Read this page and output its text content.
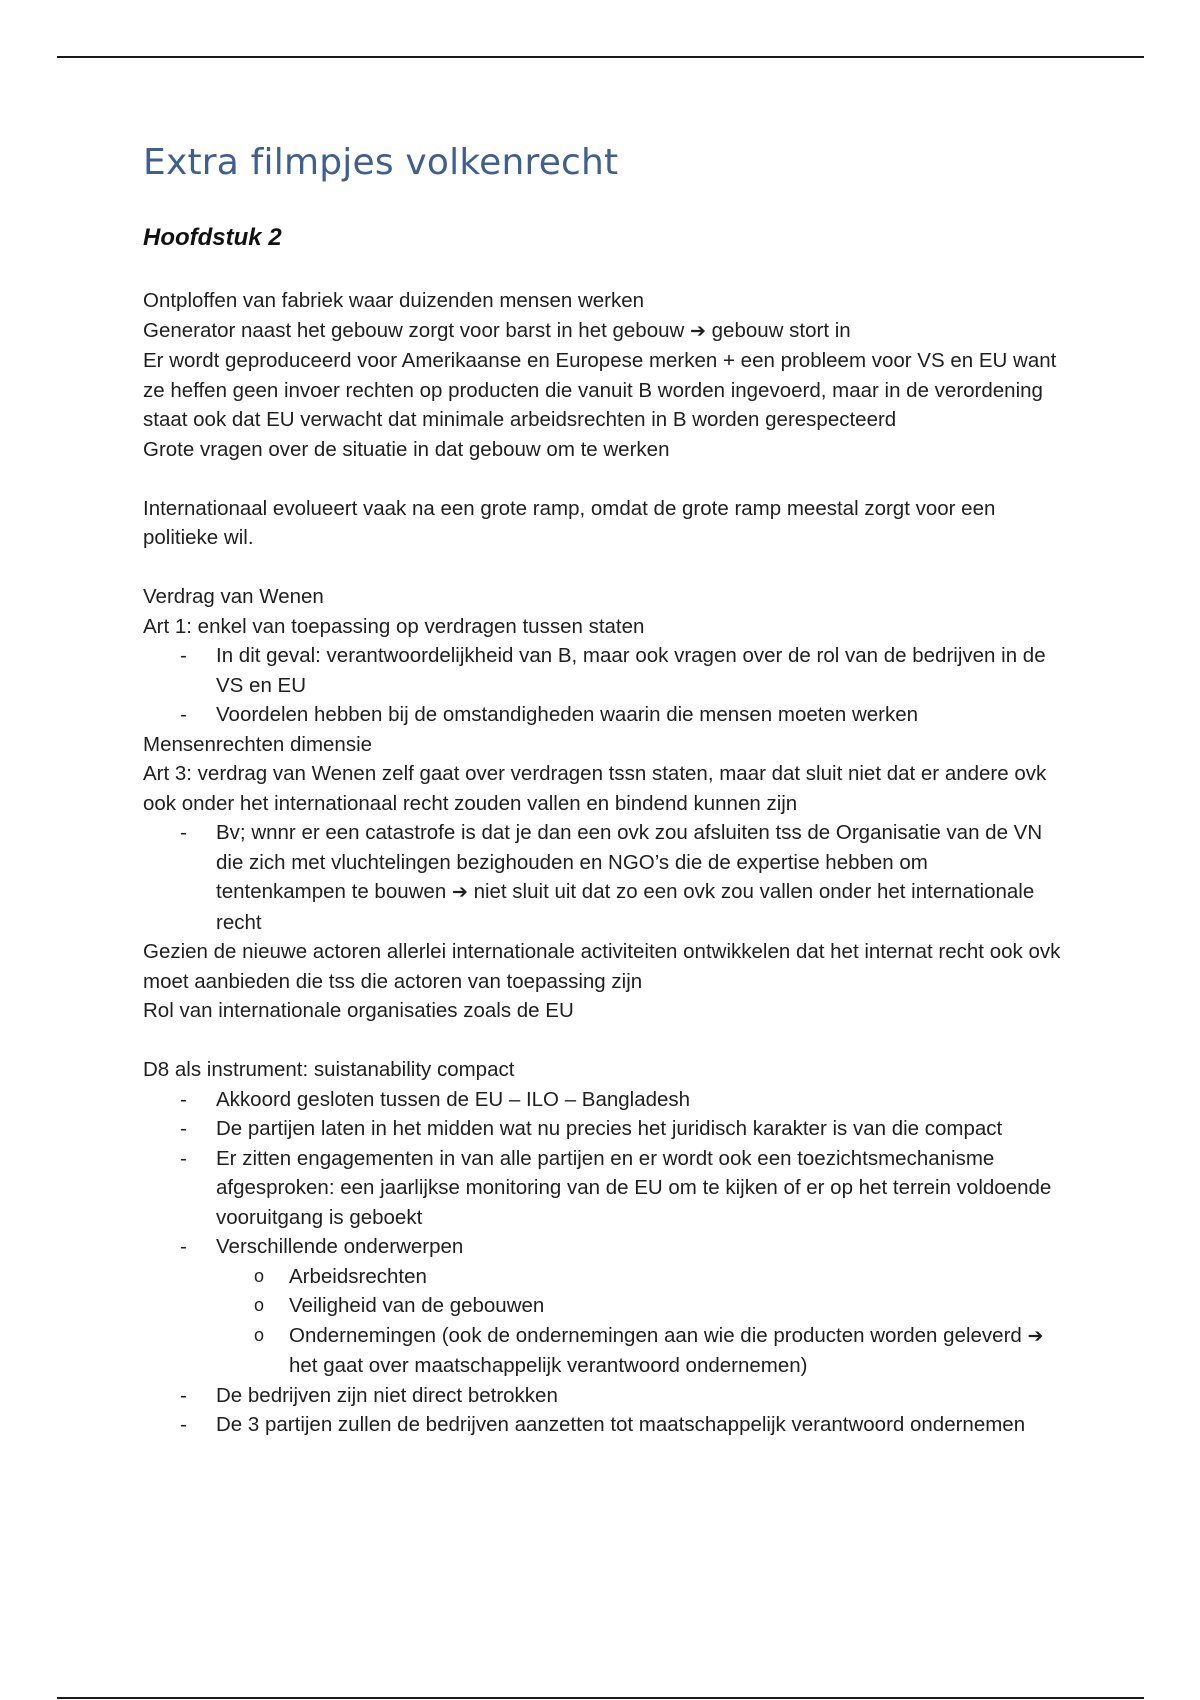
Extra filmpjes volkenrecht
Hoofdstuk 2

Ontploffen van fabriek waar duizenden mensen werken

Generator naast het gebouw zorgt voor barst in het gebouw ➔ gebouw stort in

Er wordt geproduceerd voor Amerikaanse en Europese merken + een probleem voor VS en EU want ze heffen geen invoer rechten op producten die vanuit B worden ingevoerd, maar in de verordening staat ook dat EU verwacht dat minimale arbeidsrechten in B worden gerespecteerd

Grote vragen over de situatie in dat gebouw om te werken

Internationaal evolueert vaak na een grote ramp, omdat de grote ramp meestal zorgt voor een politieke wil.

Verdrag van Wenen

Art 1: enkel van toepassing op verdragen tussen staten

- In dit geval: verantwoordelijkheid van B, maar ook vragen over de rol van de bedrijven in de VS en EU
- Voordelen hebben bij de omstandigheden waarin die mensen moeten werken

Mensenrechten dimensie

Art 3: verdrag van Wenen zelf gaat over verdragen tssn staten, maar dat sluit niet dat er andere ovk ook onder het internationaal recht zouden vallen en bindend kunnen zijn

- Bv; wnnr er een catastrofe is dat je dan een ovk zou afsluiten tss de Organisatie van de VN die zich met vluchtelingen bezighouden en NGO’s die de expertise hebben om tentenkampen te bouwen ➔ niet sluit uit dat zo een ovk zou vallen onder het internationale recht

Gezien de nieuwe actoren allerlei internationale activiteiten ontwikkelen dat het internat recht ook ovk moet aanbieden die tss die actoren van toepassing zijn

Rol van internationale organisaties zoals de EU

D8 als instrument: suistanability compact

- Akkoord gesloten tussen de EU – ILO – Bangladesh
- De partijen laten in het midden wat nu precies het juridisch karakter is van die compact
- Er zitten engagementen in van alle partijen en er wordt ook een toezichtsmechanisme afgesproken: een jaarlijkse monitoring van de EU om te kijken of er op het terrein voldoende vooruitgang is geboekt
- Verschillende onderwerpen
o Arbeidsrechten
o Veiligheid van de gebouwen
o Ondernemingen (ook de ondernemingen aan wie die producten worden geleverd ➔ het gaat over maatschappelijk verantwoord ondernemen)
- De bedrijven zijn niet direct betrokken
- De 3 partijen zullen de bedrijven aanzetten tot maatschappelijk verantwoord ondernemen
